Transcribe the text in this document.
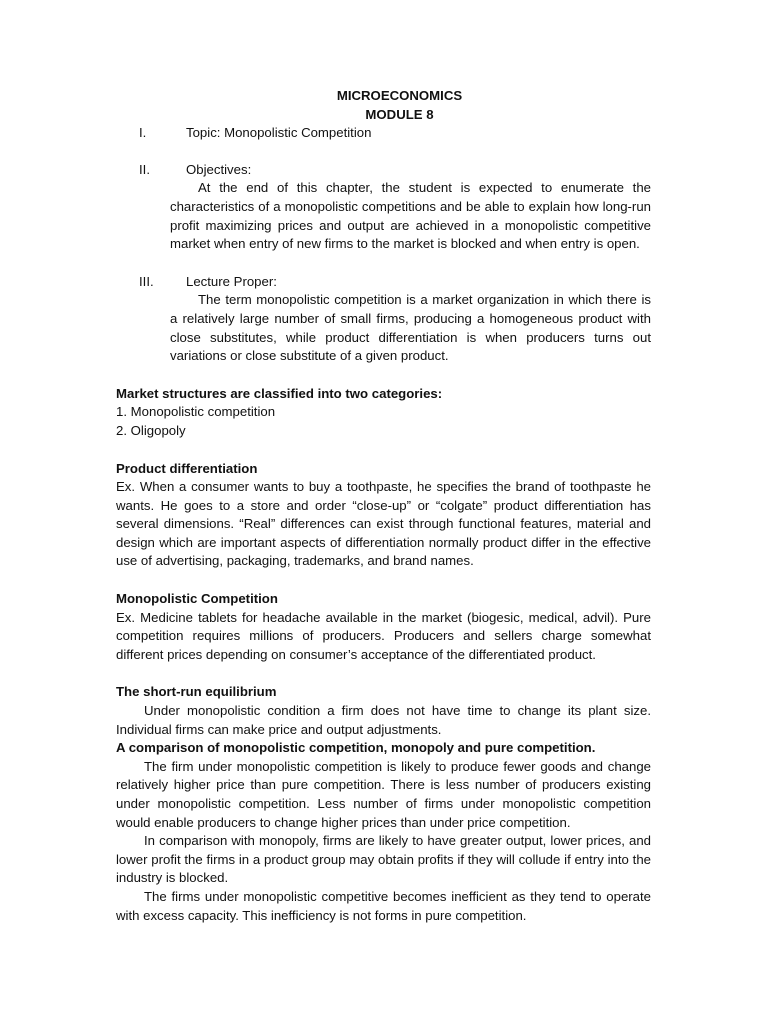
MICROECONOMICS

MODULE 8

I.	Topic: Monopolistic Competition
II.	Objectives:

At the end of this chapter, the student is expected to enumerate the characteristics of a monopolistic competitions and be able to explain how long-run profit maximizing prices and output are achieved in a monopolistic competitive market when entry of new firms to the market is blocked and when entry is open.

III.	Lecture Proper:

The term monopolistic competition is a market organization in which there is a relatively large number of small firms, producing a homogeneous product with close substitutes, while product differentiation is when producers turns out variations or close substitute of a given product.

Market structures are classified into two categories:

1. Monopolistic competition

2. Oligopoly

Product differentiation

Ex. When a consumer wants to buy a toothpaste, he specifies the brand of toothpaste he wants. He goes to a store and order “close-up” or “colgate” product differentiation has several dimensions. “Real” differences can exist through functional features, material and design which are important aspects of differentiation normally product differ in the effective use of advertising, packaging, trademarks, and brand names.

Monopolistic Competition

Ex. Medicine tablets for headache available in the market (biogesic, medical, advil). Pure competition requires millions of producers. Producers and sellers charge somewhat different prices depending on consumer’s acceptance of the differentiated product.

The short-run equilibrium

Under monopolistic condition a firm does not have time to change its plant size. Individual firms can make price and output adjustments.

A comparison of monopolistic competition, monopoly and pure competition.

The firm under monopolistic competition is likely to produce fewer goods and change relatively higher price than pure competition. There is less number of producers existing under monopolistic competition. Less number of firms under monopolistic competition would enable producers to change higher prices than under price competition.

In comparison with monopoly, firms are likely to have greater output, lower prices, and lower profit the firms in a product group may obtain profits if they will collude if entry into the industry is blocked.

The firms under monopolistic competitive becomes inefficient as they tend to operate with excess capacity. This inefficiency is not forms in pure competition.
